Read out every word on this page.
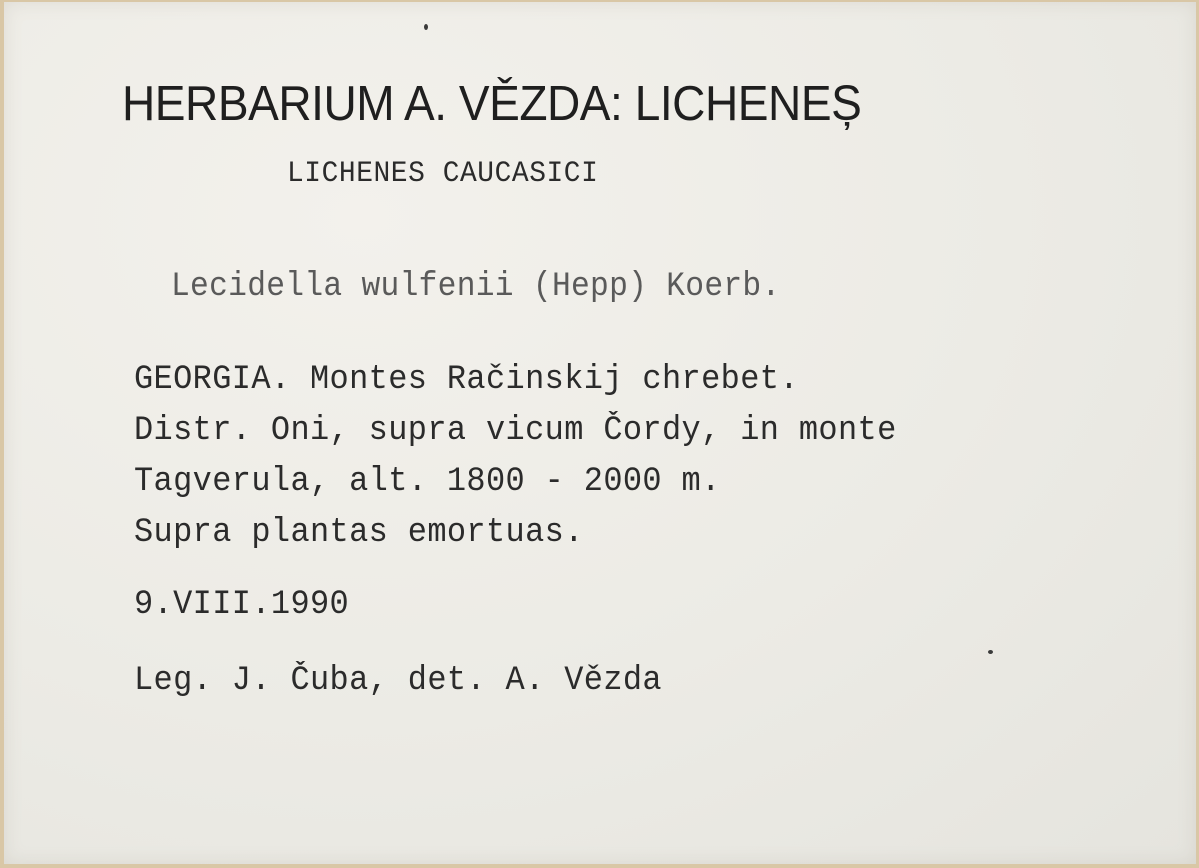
HERBARIUM A. VĚZDA: LICHENEȘ
LICHENES CAUCASICI
Lecidella wulfenii (Hepp) Koerb.
GEORGIA. Montes Račinskij chrebet.
Distr. Oni, supra vicum Čordy, in monte
Tagverula, alt. 1800 - 2000 m.
Supra plantas emortuas.
9.VIII.1990
Leg. J. Čuba, det. A. Vězda
